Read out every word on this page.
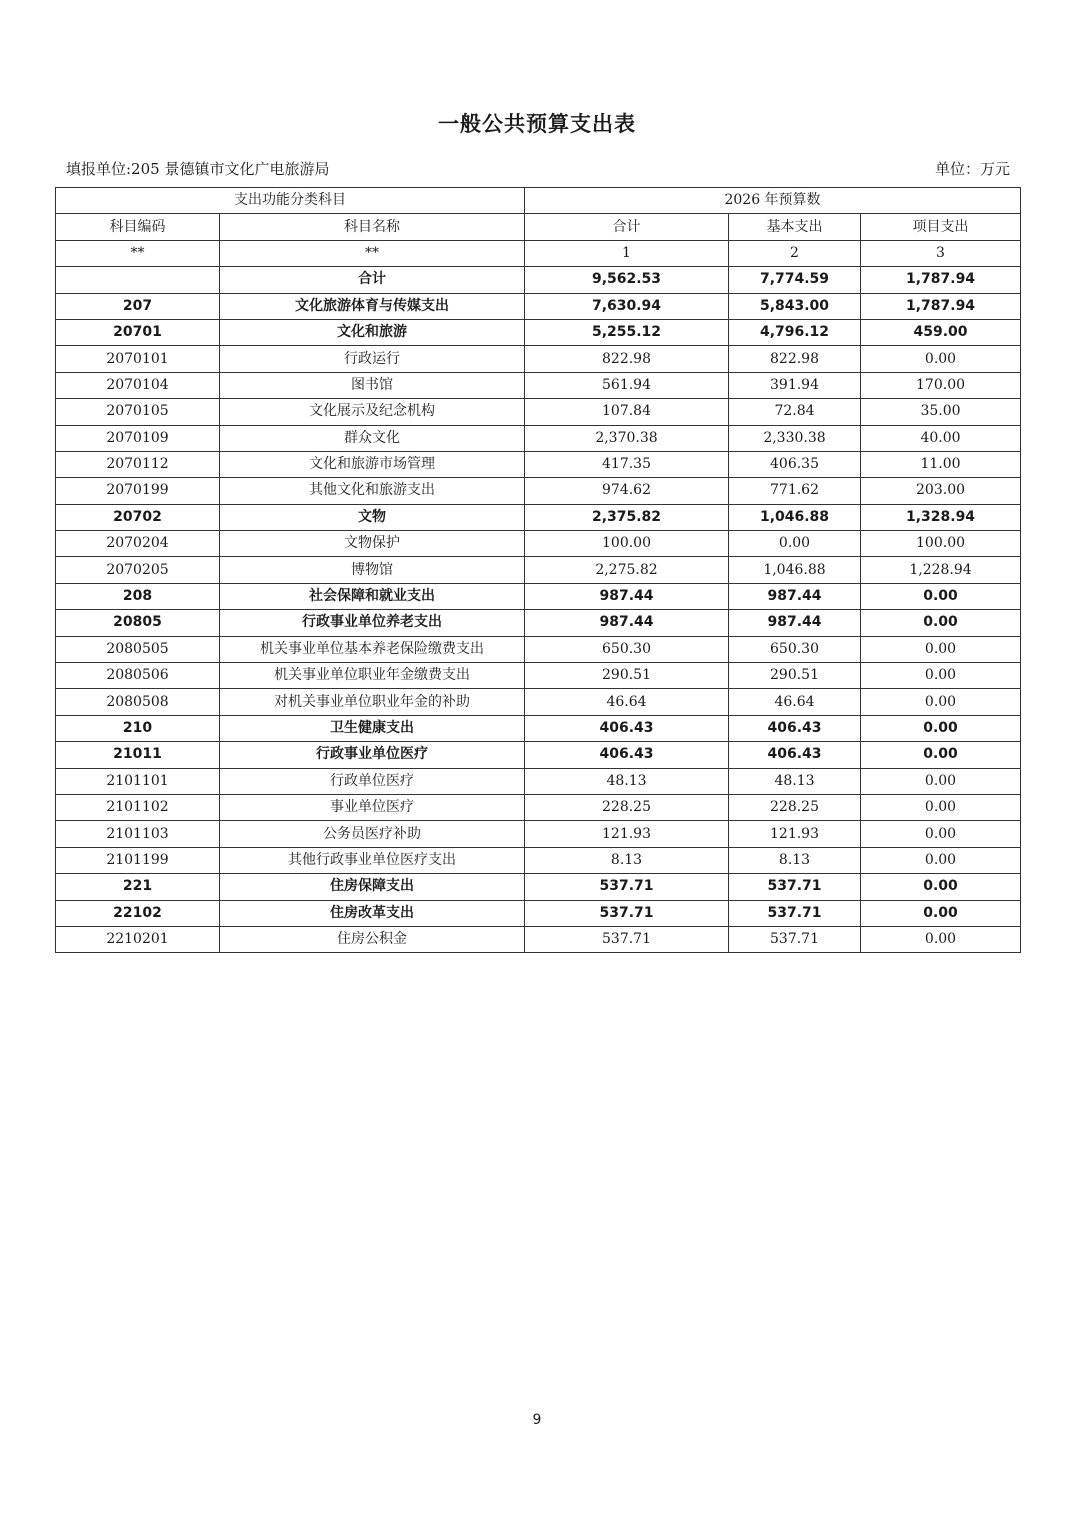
一般公共预算支出表
填报单位:205 景德镇市文化广电旅游局	单位：万元
支出功能分类科目		2026 年预算数		
科目编码	科目名称	合计	基本支出	项目支出
**	**	1	2	3
	合计	9,562.53	7,774.59	1,787.94
207	文化旅游体育与传媒支出	7,630.94	5,843.00	1,787.94
20701	文化和旅游	5,255.12	4,796.12	459.00
2070101	行政运行	822.98	822.98	0.00
2070104	图书馆	561.94	391.94	170.00
2070105	文化展示及纪念机构	107.84	72.84	35.00
2070109	群众文化	2,370.38	2,330.38	40.00
2070112	文化和旅游市场管理	417.35	406.35	11.00
2070199	其他文化和旅游支出	974.62	771.62	203.00
20702	文物	2,375.82	1,046.88	1,328.94
2070204	文物保护	100.00	0.00	100.00
2070205	博物馆	2,275.82	1,046.88	1,228.94
208	社会保障和就业支出	987.44	987.44	0.00
20805	行政事业单位养老支出	987.44	987.44	0.00
2080505	机关事业单位基本养老保险缴费支出	650.30	650.30	0.00
2080506	机关事业单位职业年金缴费支出	290.51	290.51	0.00
2080508	对机关事业单位职业年金的补助	46.64	46.64	0.00
210	卫生健康支出	406.43	406.43	0.00
21011	行政事业单位医疗	406.43	406.43	0.00
2101101	行政单位医疗	48.13	48.13	0.00
2101102	事业单位医疗	228.25	228.25	0.00
2101103	公务员医疗补助	121.93	121.93	0.00
2101199	其他行政事业单位医疗支出	8.13	8.13	0.00
221	住房保障支出	537.71	537.71	0.00
22102	住房改革支出	537.71	537.71	0.00
2210201	住房公积金	537.71	537.71	0.00
9
